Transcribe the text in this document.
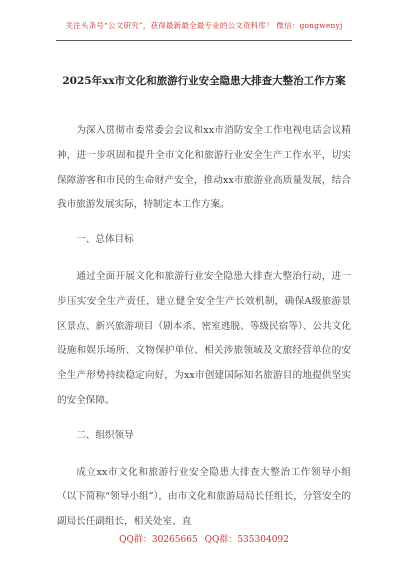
关注头条号“公文研究”，获得最新最全最专业的公文资料库！ 微信：gongwenyj
2025年xx市文化和旅游行业安全隐患大排查大整治工作方案

为深入贯彻市委常委会会议和xx市消防安全工作电视电话会议精神，进一步巩固和提升全市文化和旅游行业安全生产工作水平，切实保障游客和市民的生命财产安全，推动xx市旅游业高质量发展，结合我市旅游发展实际，特制定本工作方案。

一、总体目标

通过全面开展文化和旅游行业安全隐患大排查大整治行动，进一步压实安全生产责任，建立健全安全生产长效机制，确保A级旅游景区景点、新兴旅游项目（剧本杀、密室逃脱、等级民宿等）、公共文化设施和娱乐场所、文物保护单位、相关涉旅领域及文旅经营单位的安全生产形势持续稳定向好，为xx市创建国际知名旅游目的地提供坚实的安全保障。

二、组织领导

成立xx市文化和旅游行业安全隐患大排查大整治工作领导小组（以下简称“领导小组”），由市文化和旅游局局长任组长，分管安全的副局长任副组长，相关处室、直

QQ群：30265665 QQ群：535304092
